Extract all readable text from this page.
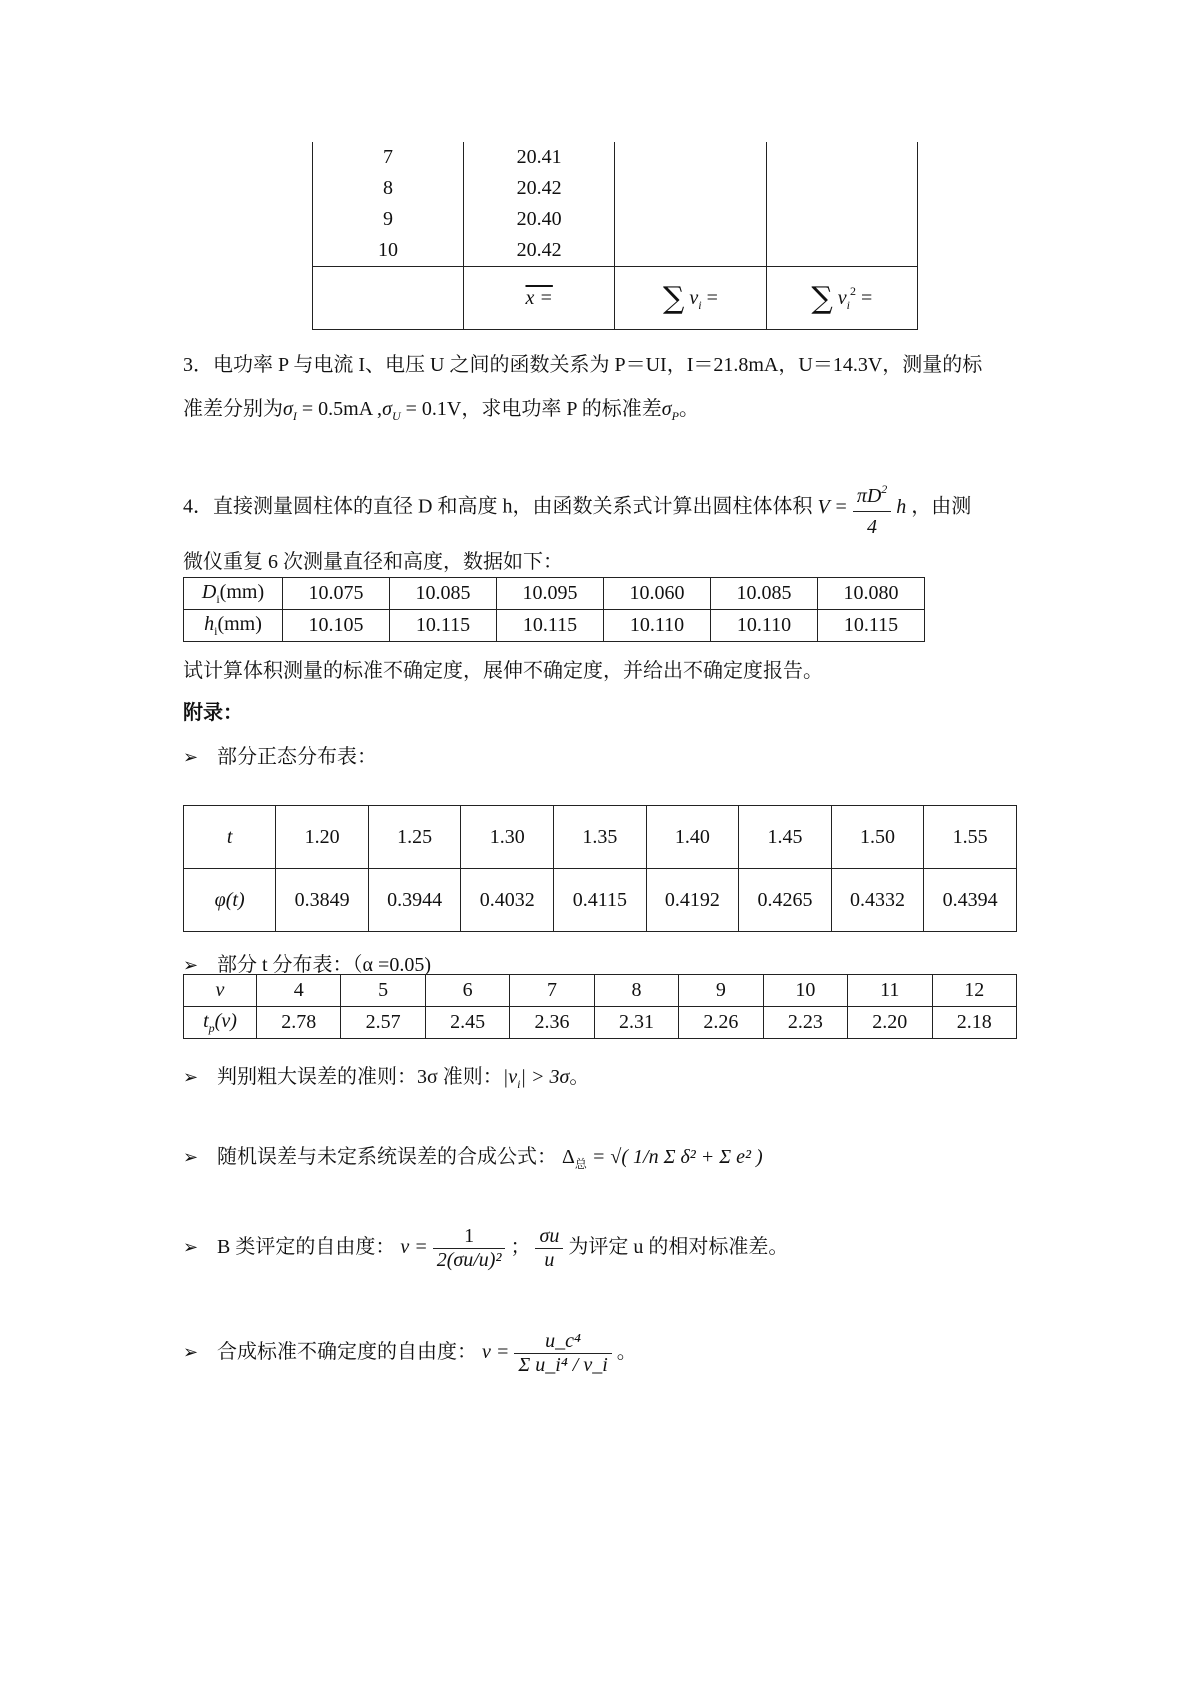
7	20.41		
8	20.42		
9	20.40		
10	20.42		
	x =	∑ $v_i$ =	∑ $v_i^2$ =
3．电功率 P 与电流 I、电压 U 之间的函数关系为 P＝UI，I＝21.8mA，U＝14.3V，测量的标
准差分别为$\sigma_I = 0.5mA$ $,\sigma_U = 0.1V$，求电功率 P 的标准差$\sigma_P$。
4．直接测量圆柱体的直径 D 和高度 h，由函数关系式计算出圆柱体体积 $V = \frac{\pi D^2}{4}$ h ，由测
微仪重复 6 次测量直径和高度，数据如下：
$D_i(mm)$	10.075	10.085	10.095	10.060	10.085	10.080
$h_i(mm)$	10.105	10.115	10.115	10.110	10.110	10.115
试计算体积测量的标准不确定度，展伸不确定度，并给出不确定度报告。
附录：
➢ 部分正态分布表：
t	1.20	1.25	1.30	1.35	1.40	1.45	1.50	1.55
φ(t)	0.3849	0.3944	0.4032	0.4115	0.4192	0.4265	0.4332	0.4394
➢ 部分 t 分布表：（α =0.05)
v	4	5	6	7	8	9	10	11	12
$t_p(v)$	2.78	2.57	2.45	2.36	2.31	2.26	2.23	2.20	2.18
➢ 判别粗大误差的准则：3σ 准则：$|v_i| > 3\sigma$。
➢ 随机误差与未定系统误差的合成公式： $\Delta_总$ = √( 1/n Σ δ² + Σ e² )
➢ B 类评定的自由度： $v = \frac{1}{\text{2(σu/u)²}}$ ； $\frac{\sigma u}{u}$ 为评定 u 的相对标准差。
➢ 合成标准不确定度的自由度： $v = \frac{\text{u\_c⁴}}{\text{Σ u\_i⁴ / v\_i}}$ 。
